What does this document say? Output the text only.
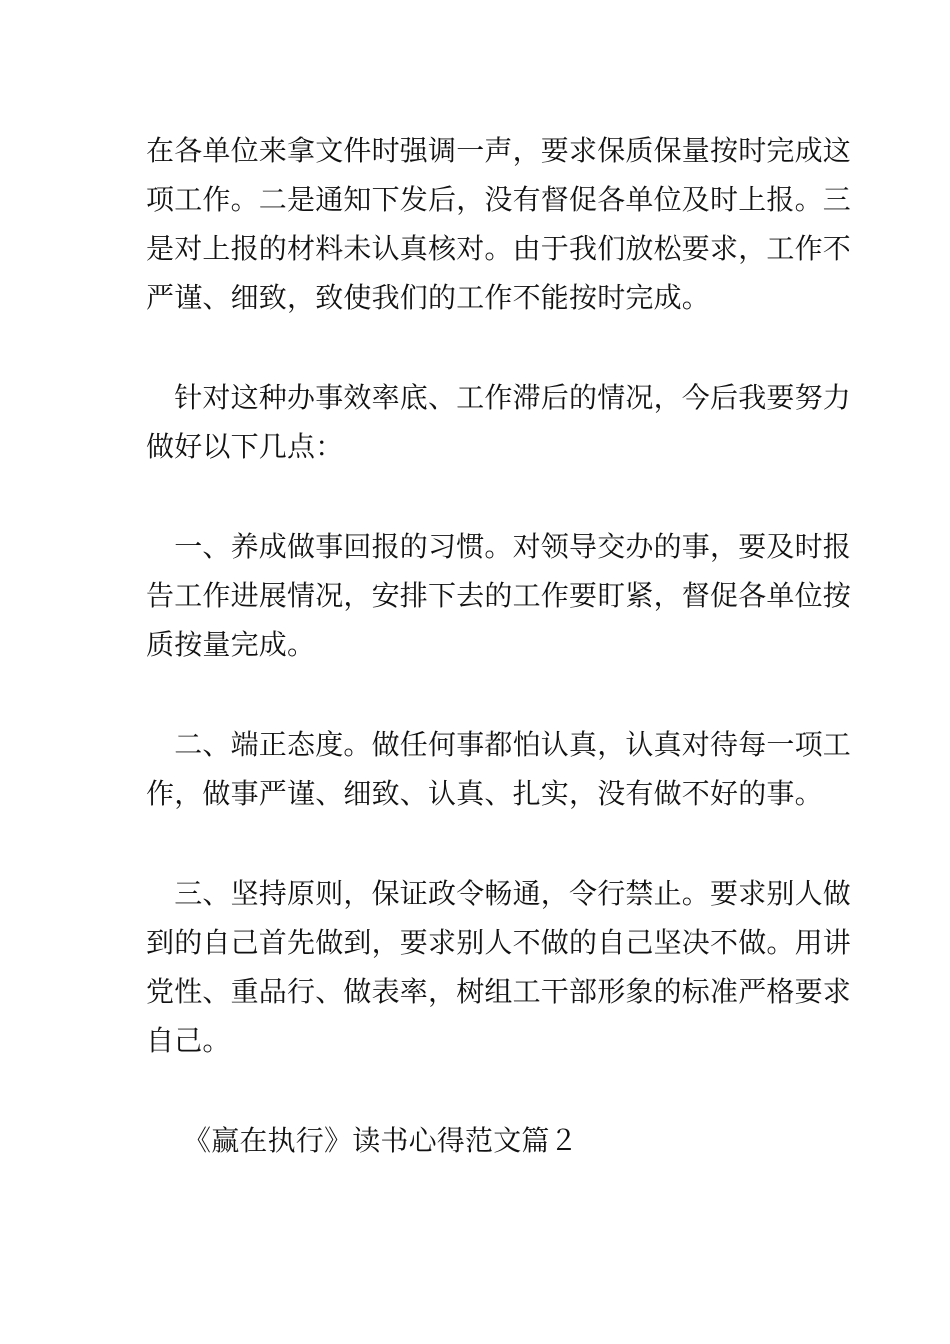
在各单位来拿文件时强调一声，要求保质保量按时完成这
项工作。二是通知下发后，没有督促各单位及时上报。三
是对上报的材料未认真核对。由于我们放松要求，工作不
严谨、细致，致使我们的工作不能按时完成。
　针对这种办事效率底、工作滞后的情况，今后我要努力
做好以下几点：
　一、养成做事回报的习惯。对领导交办的事，要及时报
告工作进展情况，安排下去的工作要盯紧，督促各单位按
质按量完成。
　二、端正态度。做任何事都怕认真，认真对待每一项工
作，做事严谨、细致、认真、扎实，没有做不好的事。
　三、坚持原则，保证政令畅通，令行禁止。要求别人做
到的自己首先做到，要求别人不做的自己坚决不做。用讲
党性、重品行、做表率，树组工干部形象的标准严格要求
自己。
《赢在执行》读书心得范文篇２
